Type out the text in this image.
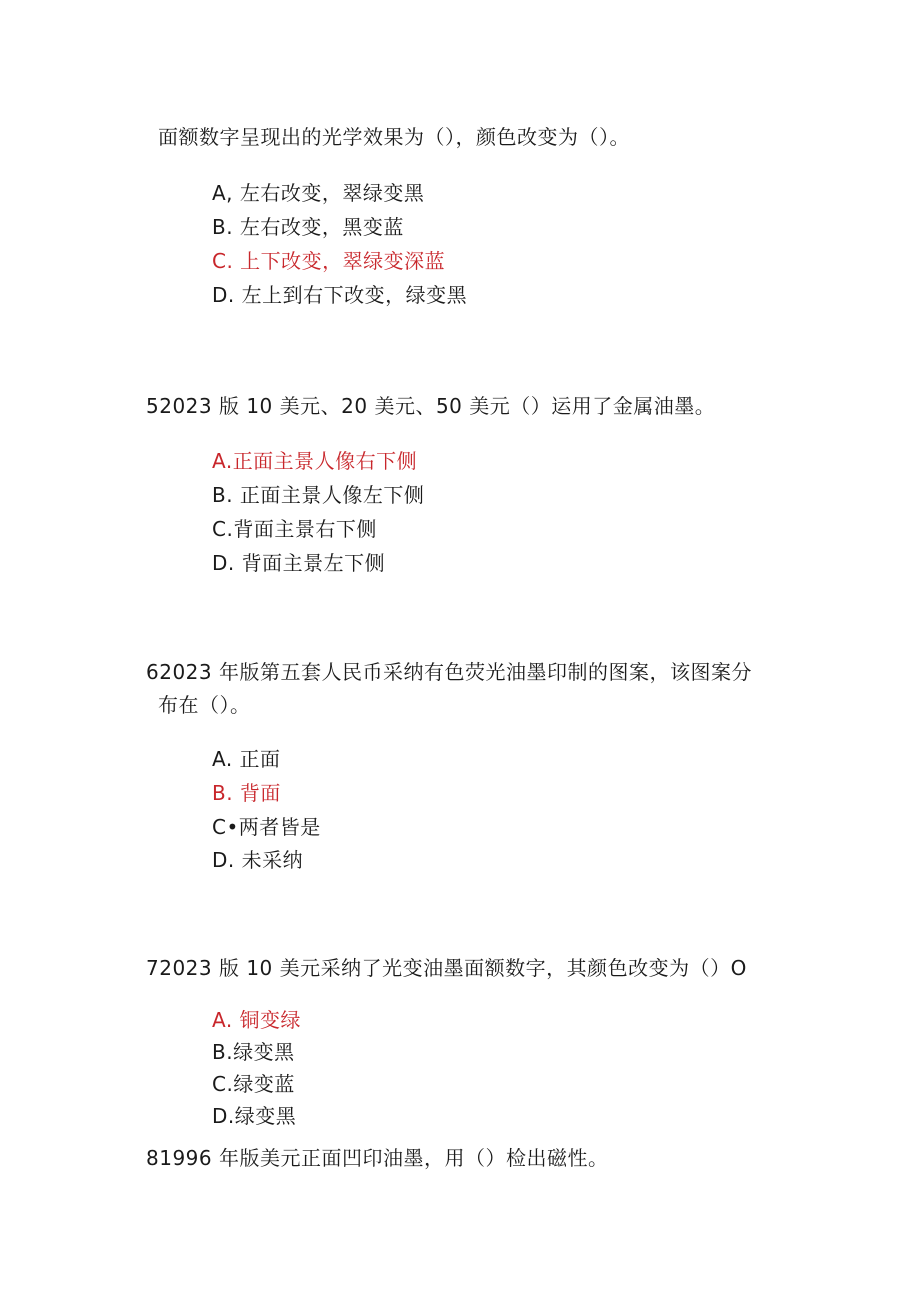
面额数字呈现出的光学效果为（），颜色改变为（）。
A, 左右改变，翠绿变黑
B. 左右改变，黑变蓝
C. 上下改变，翠绿变深蓝
D. 左上到右下改变，绿变黑
52023 版 10 美元、20 美元、50 美元（）运用了金属油墨。
A.正面主景人像右下侧
B. 正面主景人像左下侧
C.背面主景右下侧
D. 背面主景左下侧
62023 年版第五套人民币采纳有色荧光油墨印制的图案，该图案分
布在（）。
A. 正面
B. 背面
C•两者皆是
D. 未采纳
72023 版 10 美元采纳了光变油墨面额数字，其颜色改变为（）O
A. 铜变绿
B.绿变黑
C.绿变蓝
D.绿变黑
81996 年版美元正面凹印油墨，用（）检出磁性。
